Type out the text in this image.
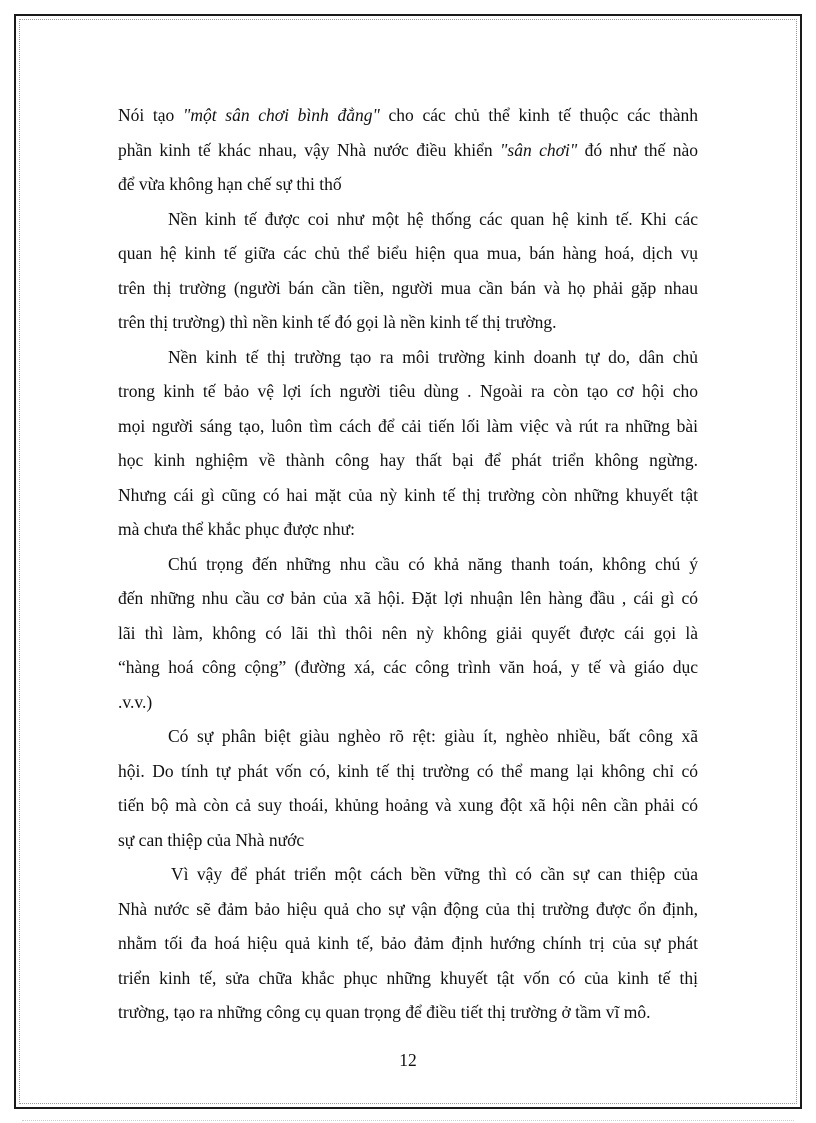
Nói tạo "một sân chơi bình đẳng" cho các chủ thể kinh tế thuộc các thành
phần kinh tế khác nhau, vậy Nhà nước điều khiển "sân chơi" đó như thế nào
để vừa không hạn chế sự thi thố
Nền kinh tế được coi như một hệ thống các quan hệ kinh tế. Khi các
quan hệ kinh tế giữa các chủ thể biểu hiện qua mua, bán hàng hoá, dịch vụ
trên thị trường (người bán cần tiền, người mua cần bán và họ phải gặp nhau
trên thị trường) thì nền kinh tế đó gọi là nền kinh tế thị trường.
Nền kinh tế thị trường tạo ra môi trường kinh doanh tự do, dân chủ
trong kinh tế bảo vệ lợi ích người tiêu dùng . Ngoài ra còn tạo cơ hội cho
mọi người sáng tạo, luôn tìm cách để cải tiến lối làm việc và rút ra những bài
học kinh nghiệm về thành công hay thất bại để phát triển không ngừng.
Nhưng cái gì cũng có hai mặt của nỳ kinh tế thị trường còn những khuyết tật
mà chưa thể khắc phục được như:
Chú trọng đến những nhu cầu có khả năng thanh toán, không chú ý
đến những nhu cầu cơ bản của xã hội. Đặt lợi nhuận lên hàng đầu , cái gì có
lãi thì làm, không có lãi thì thôi nên nỳ không giải quyết được cái gọi là
“hàng hoá công cộng” (đường xá, các công trình văn hoá, y tế và giáo dục
.v.v.)
Có sự phân biệt giàu nghèo rõ rệt: giàu ít, nghèo nhiều, bất công xã
hội. Do tính tự phát vốn có, kinh tế thị trường có thể mang lại không chỉ có
tiến bộ mà còn cả suy thoái, khủng hoảng và xung đột xã hội nên cần phải có
sự can thiệp của Nhà nước
Vì vậy để phát triển một cách bền vững thì có cần sự can thiệp của
Nhà nước sẽ đảm bảo hiệu quả cho sự vận động của thị trường được ổn định,
nhằm tối đa hoá hiệu quả kinh tế, bảo đảm định hướng chính trị của sự phát
triển kinh tế, sửa chữa khắc phục những khuyết tật vốn có của kinh tế thị
trường, tạo ra những công cụ quan trọng để điều tiết thị trường ở tầm vĩ mô.
12
